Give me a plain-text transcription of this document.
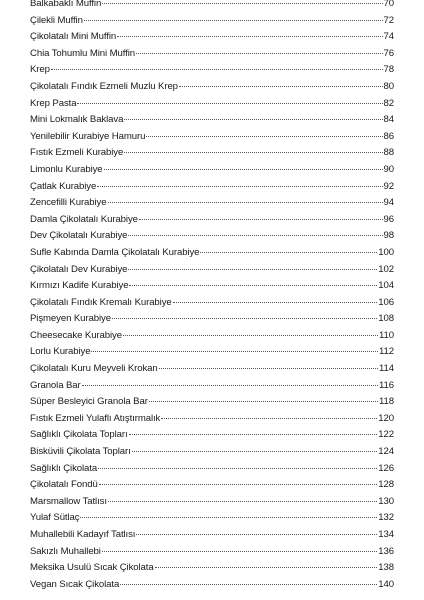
Balkabaklı Muffin	70
Çilekli Muffin	72
Çikolatalı Mini Muffin	74
Chia Tohumlu Mini Muffin	76
Krep	78
Çikolatalı Fındık Ezmeli Muzlu Krep	80
Krep Pasta	82
Mini Lokmalık Baklava	84
Yenilebilir Kurabiye Hamuru	86
Fıstık Ezmeli Kurabiye	88
Limonlu Kurabiye	90
Çatlak Kurabiye	92
Zencefilli Kurabiye	94
Damla Çikolatalı Kurabiye	96
Dev Çikolatalı Kurabiye	98
Sufle Kabında Damla Çikolatalı Kurabiye	100
Çikolatalı Dev Kurabiye	102
Kırmızı Kadife Kurabiye	104
Çikolatalı Fındık Kremalı Kurabiye	106
Pişmeyen Kurabiye	108
Cheesecake Kurabiye	110
Lorlu Kurabiye	112
Çikolatalı Kuru Meyveli Krokan	114
Granola Bar	116
Süper Besleyici Granola Bar	118
Fıstık Ezmeli Yulaflı Atıştırmalık	120
Sağlıklı Çikolata Topları	122
Bisküvili Çikolata Topları	124
Sağlıklı Çikolata	126
Çikolatalı Fondü	128
Marsmallow Tatlısı	130
Yulaf Sütlaç	132
Muhallebili Kadayıf Tatlısı	134
Sakızlı Muhallebi	136
Meksika Usulü Sıcak Çikolata	138
Vegan Sıcak Çikolata	140
